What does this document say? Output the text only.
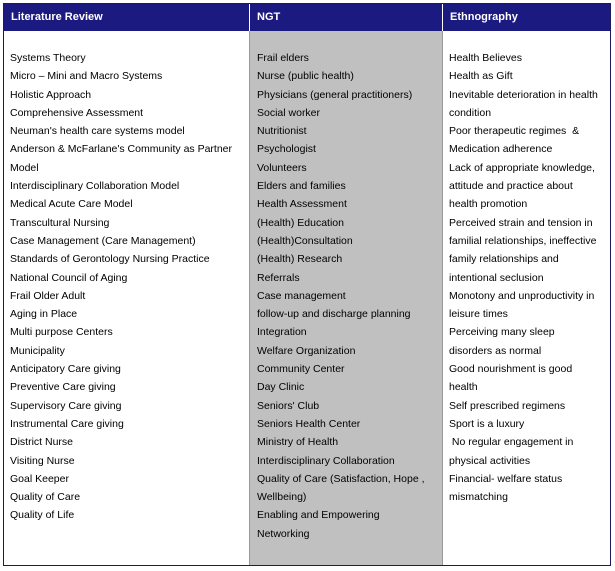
Literature Review	NGT	Ethnography
Systems Theory
Micro – Mini and Macro Systems
Holistic Approach
Comprehensive Assessment
Neuman's health care systems model
Anderson & McFarlane's Community as Partner
Model
Interdisciplinary Collaboration Model
Medical Acute Care Model
Transcultural Nursing
Case Management (Care Management)
Standards of Gerontology Nursing Practice
National Council of Aging
Frail Older Adult
Aging in Place
Multi purpose Centers
Municipality
Anticipatory Care giving
Preventive Care giving
Supervisory Care giving
Instrumental Care giving
District Nurse
Visiting Nurse
Goal Keeper
Quality of Care
Quality of Life
Frail elders
Nurse (public health)
Physicians (general practitioners)
Social worker
Nutritionist
Psychologist
Volunteers
Elders and families
Health Assessment
(Health) Education
(Health)Consultation
(Health) Research
Referrals
Case management
follow-up and discharge planning
Integration
Welfare Organization
Community Center
Day Clinic
Seniors' Club
Seniors Health Center
Ministry of Health
Interdisciplinary Collaboration
Quality of Care (Satisfaction, Hope ,
Wellbeing)
Enabling and Empowering
Networking
Health Believes
Health as Gift
Inevitable deterioration in health
condition
Poor therapeutic regimes  &
Medication adherence
Lack of appropriate knowledge,
attitude and practice about
health promotion
Perceived strain and tension in
familial relationships, ineffective
family relationships and
intentional seclusion
Monotony and unproductivity in
leisure times
Perceiving many sleep
disorders as normal
Good nourishment is good
health
Self prescribed regimens
Sport is a luxury
No regular engagement in
physical activities
Financial- welfare status
mismatching
